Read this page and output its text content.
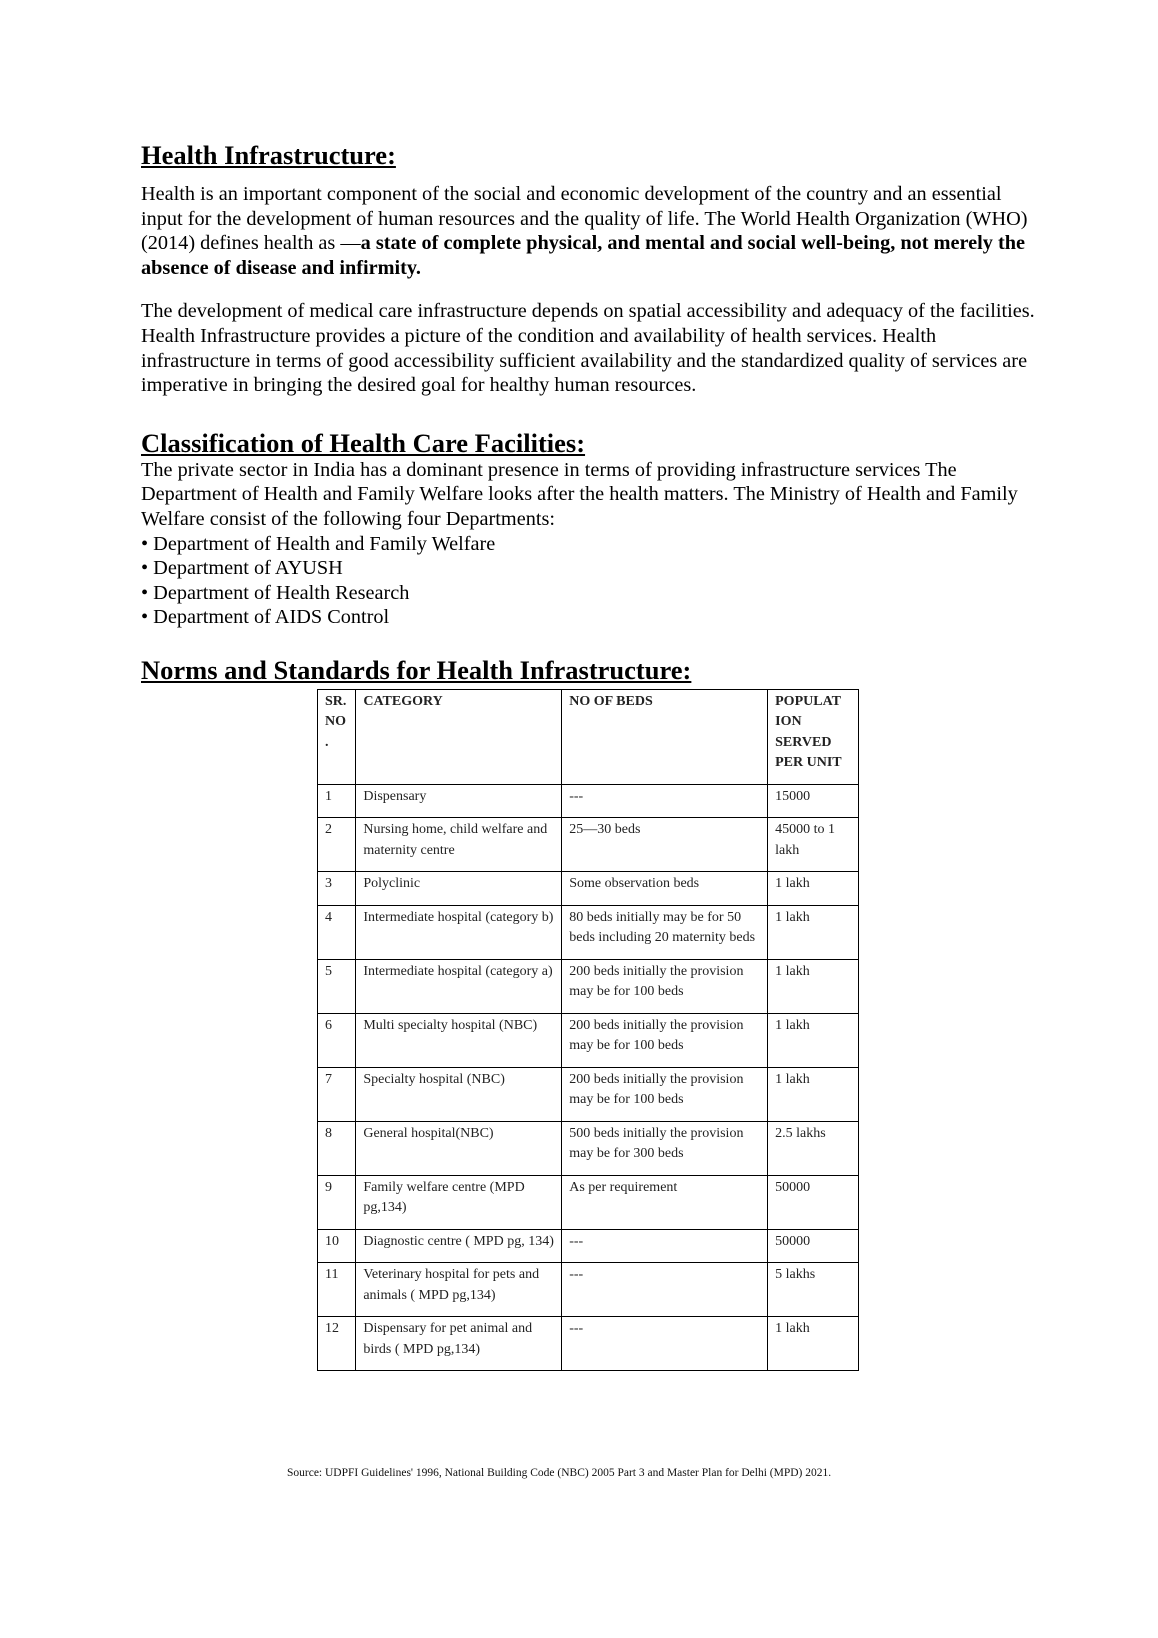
Health Infrastructure:

Health is an important component of the social and economic development of the country and an essential input for the development of human resources and the quality of life. The World Health Organization (WHO) (2014) defines health as —a state of complete physical, and mental and social well-being, not merely the absence of disease and infirmity.

The development of medical care infrastructure depends on spatial accessibility and adequacy of the facilities. Health Infrastructure provides a picture of the condition and availability of health services. Health infrastructure in terms of good accessibility sufficient availability and the standardized quality of services are imperative in bringing the desired goal for healthy human resources.

Classification of Health Care Facilities:

The private sector in India has a dominant presence in terms of providing infrastructure services The Department of Health and Family Welfare looks after the health matters. The Ministry of Health and Family Welfare consist of the following four Departments:

• Department of Health and Family Welfare
• Department of AYUSH
• Department of Health Research
• Department of AIDS Control
Norms and Standards for Health Infrastructure:
SR. NO .	CATEGORY	NO OF BEDS	POPULAT ION SERVED PER UNIT
1	Dispensary	---	15000
2	Nursing home, child welfare and maternity centre	25—30 beds	45000 to 1 lakh
3	Polyclinic	Some observation beds	1 lakh
4	Intermediate hospital (category b)	80 beds initially may be for 50 beds including 20 maternity beds	1 lakh
5	Intermediate hospital (category a)	200 beds initially the provision may be for 100 beds	1 lakh
6	Multi specialty hospital (NBC)	200 beds initially the provision may be for 100 beds	1 lakh
7	Specialty hospital (NBC)	200 beds initially the provision may be for 100 beds	1 lakh
8	General hospital(NBC)	500 beds initially the provision may be for 300 beds	2.5 lakhs
9	Family welfare centre (MPD pg,134)	As per requirement	50000
10	Diagnostic centre ( MPD pg, 134)	---	50000
11	Veterinary hospital for pets and animals ( MPD pg,134)	---	5 lakhs
12	Dispensary for pet animal and birds ( MPD pg,134)	---	1 lakh
Source: UDPFI Guidelines' 1996, National Building Code (NBC) 2005 Part 3 and Master Plan for Delhi (MPD) 2021.
